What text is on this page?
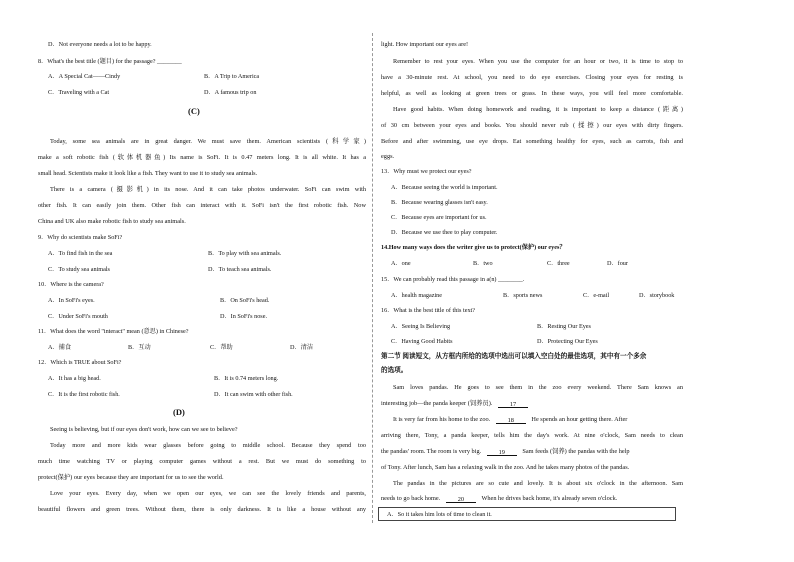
D．Not everyone needs a lot to be happy.
8．What's the best title (题目) for the passage? ________
A．A Special Cat——Cindy	B．A Trip to America
C．Traveling with a Cat	D．A famous trip on
(C)
Today, some sea animals are in great danger. We must save them. American scientists (科学家)
make a soft robotic fish (软体机器鱼) Its name is SoFi. It is 0.47 meters long. It is all white. It has a
small head. Scientists make it look like a fish. They want to use it to study sea animals.
There is a camera (摄影机) in its nose. And it can take photos underwater. SoFi can swim with
other fish. It can easily join them. Other fish can interact with it. SoFi isn't the first robotic fish. Now
China and UK also make robotic fish to study sea animals.
9．Why do scientists make SoFi?
A．To find fish in the sea	B．To play with sea animals.
C．To study sea animals	D．To teach sea animals.
10．Where is the camera?
A．In SoFi's eyes.	B．On SoFi's head.
C．Under SoFi's mouth	D．In SoFi's nose.
11．What does the word "interact" mean (意思) in Chinese?
A．捕食	B．互动	C．帮助	D．清洁
12．Which is TRUE about SoFi?
A．It has a big head.	B．It is 0.74 meters long.
C．It is the first robotic fish.	D．It can swim with other fish.
(D)
Seeing is believing, but if our eyes don't work, how can we see to believe?
Today more and more kids wear glasses before going to middle school. Because they spend too
much time watching TV or playing computer games without a rest. But we must do something to
protect(保护) our eyes because they are important for us to see the world.
Love your eyes. Every day, when we open our eyes, we can see the lovely friends and parents,
beautiful flowers and green trees. Without them, there is only darkness. It is like a house without any
light. How important our eyes are!
Remember to rest your eyes. When you use the computer for an hour or two, it is time to stop to
have a 30-minute rest. At school, you need to do eye exercises. Closing your eyes for resting is
helpful, as well as looking at green trees or grass. In these ways, you will feel more comfortable.
Have good habits. When doing homework and reading, it is important to keep a distance (距离)
of 30 cm between your eyes and books. You should never rub (揉擦) our eyes with dirty fingers.
Before and after swimming, use eye drops. Eat something healthy for eyes, such as carrots, fish and
eggs.
13．Why must we protect our eyes?
A．Because seeing the world is important.
B．Because wearing glasses isn't easy.
C．Because eyes are important for us.
D．Because we use thee to play computer.
14.How many ways does the writer give us to protect(保护) our eyes？
A．one	B．two	C．three	D．four
15．We can probably read this passage in a(n) ________.
A．health magazine	B．sports news	C．e-mail	D．storybook
16．What is the best title of this text?
A．Seeing Is Believing	B．Resting Our Eyes
C．Having Good Habits	D．Protecting Our Eyes
第二节 阅读短文，从方框内所给的选项中选出可以填入空白处的最佳选项，其中有一个多余
的选项。
Sam loves pandas. He goes to see them in the zoo every weekend. There Sam knows an
interesting job—the panda keeper (饲养员).	17
It is very far from his home to the zoo.	18	He spends an hour getting there. After
arriving there, Tony, a panda keeper, tells him the day's work. At nine o'clock, Sam needs to clean
the pandas' room. The room is very big.	19	Sam feeds (饲养) the pandas with the help
of Tony. After lunch, Sam has a relaxing walk in the zoo. And he takes many photos of the pandas.
The pandas in the pictures are so cute and lovely. It is about six o'clock in the afternoon. Sam
needs to go back home.	20	When he drives back home, it's already seven o'clock.
A．So it takes him lots of time to clean it.
